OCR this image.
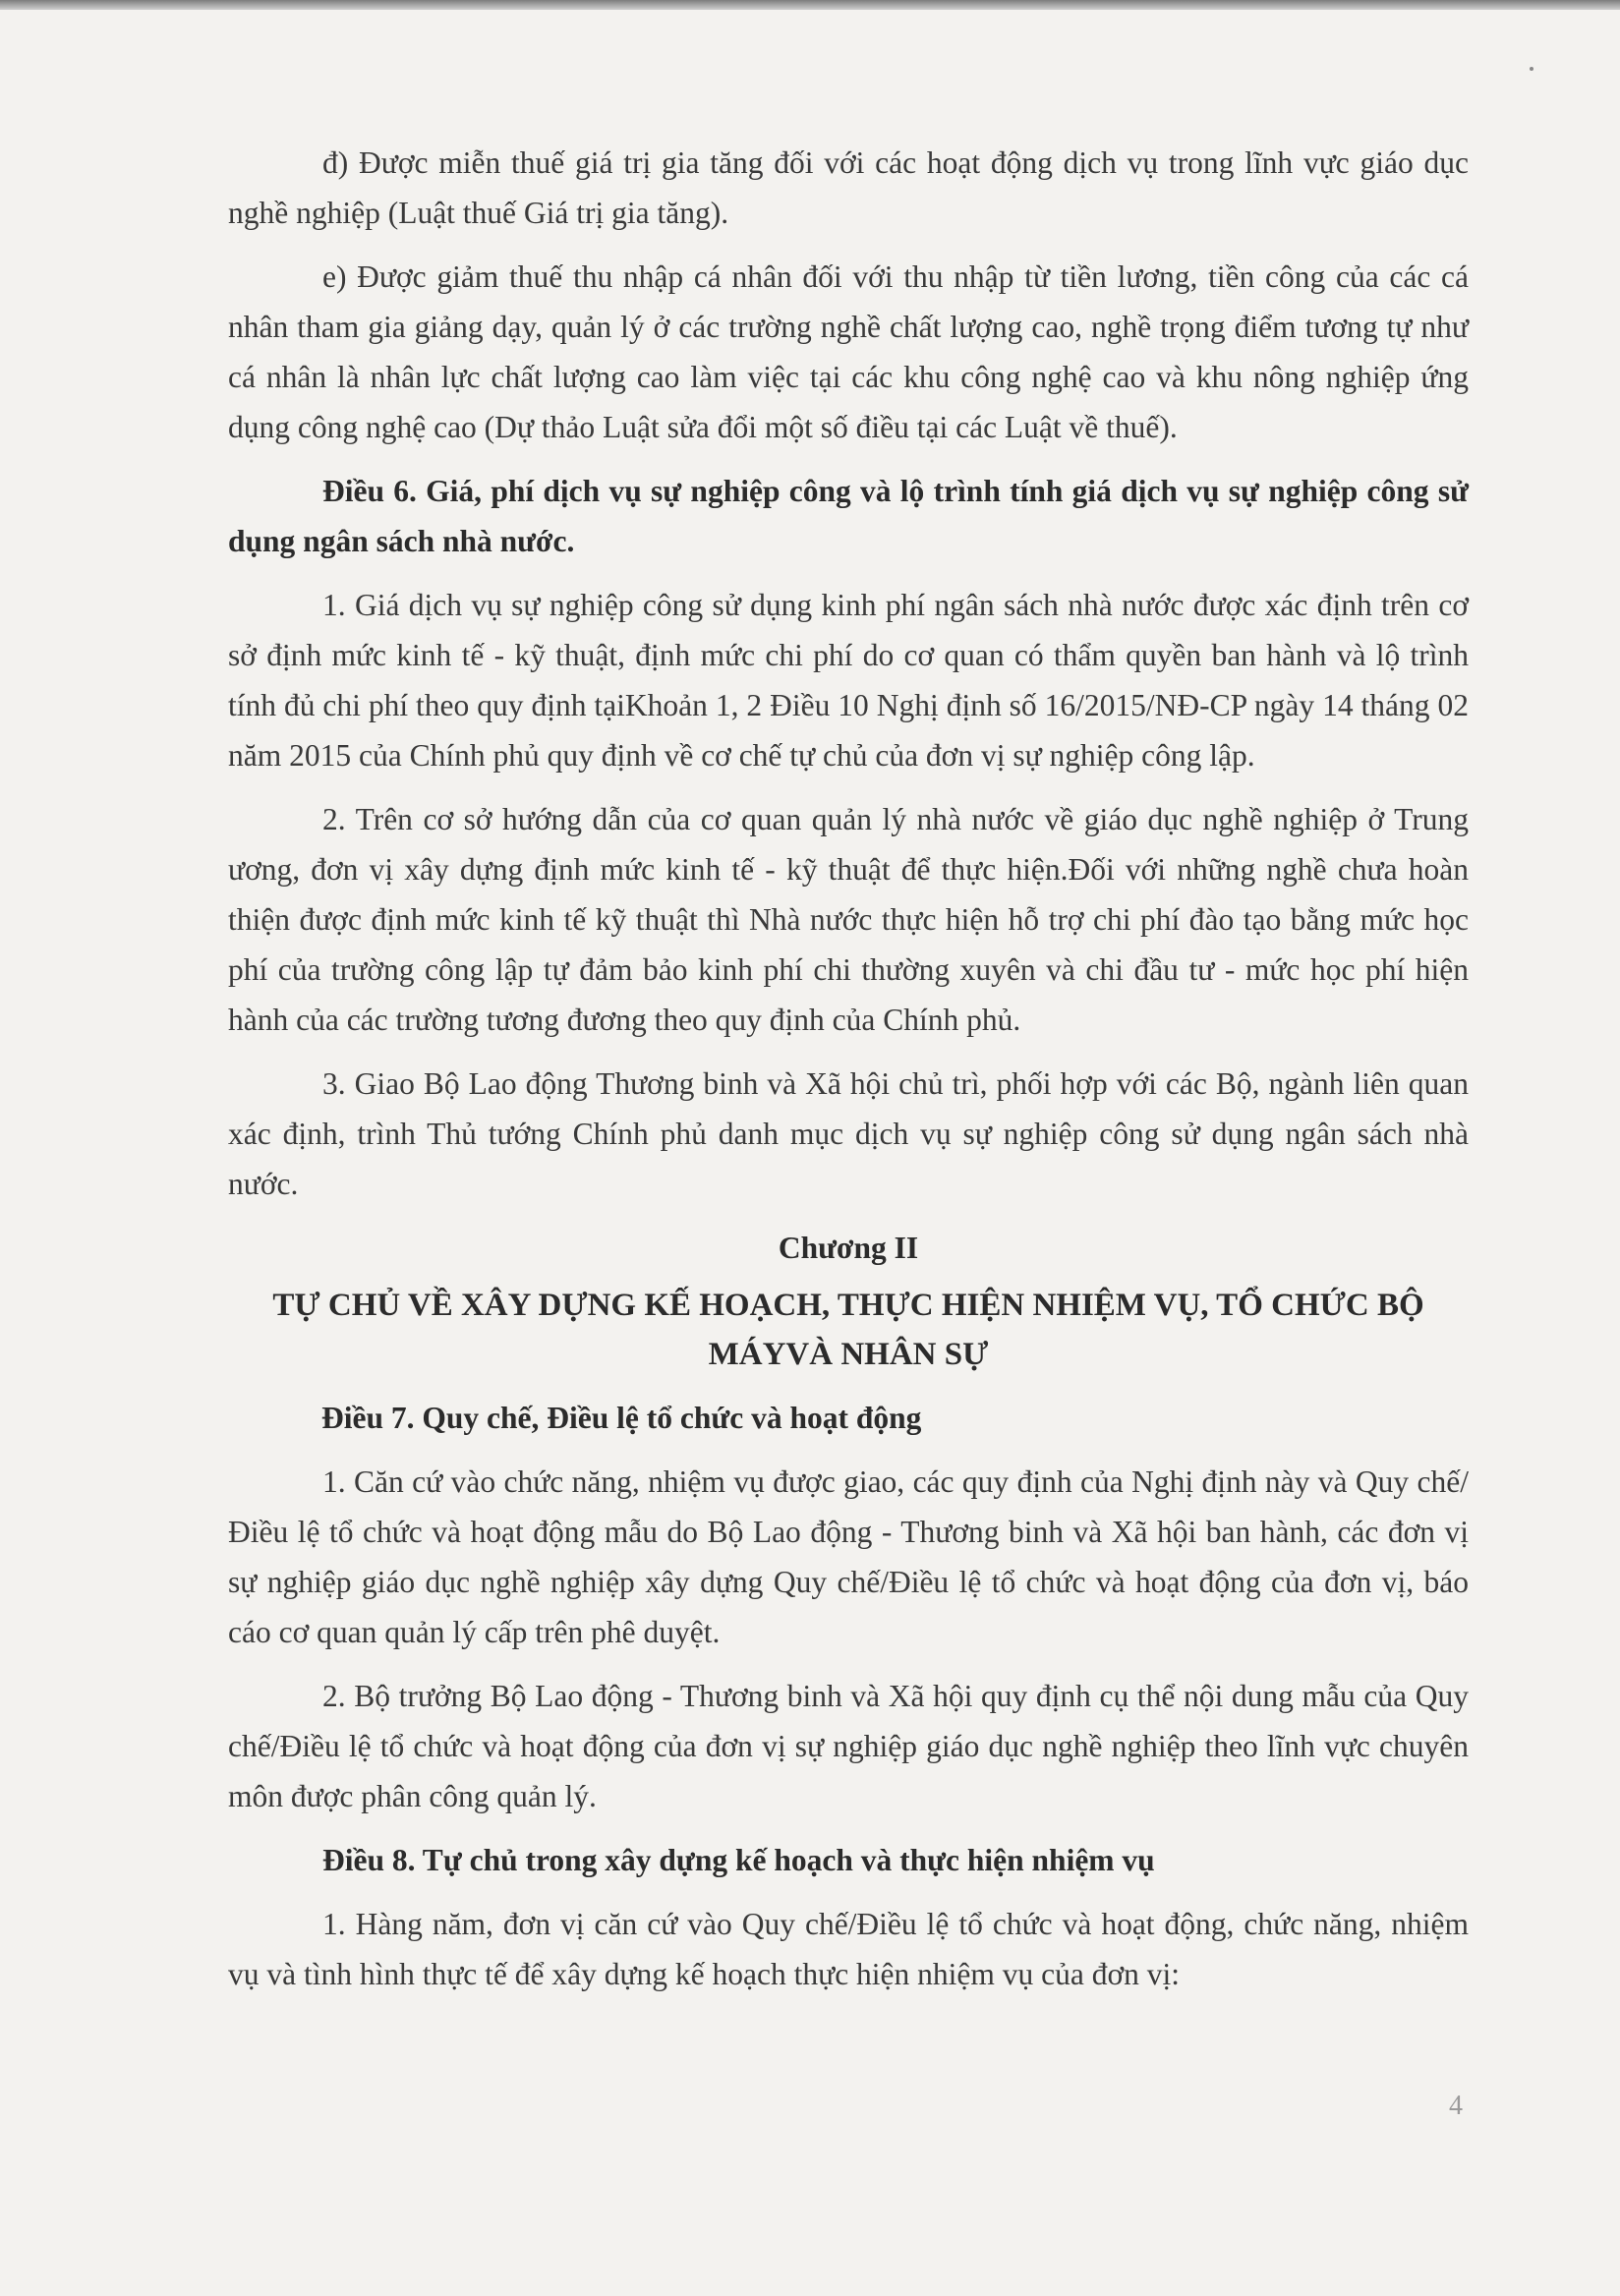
đ) Được miễn thuế giá trị gia tăng đối với các hoạt động dịch vụ trong lĩnh vực giáo dục nghề nghiệp (Luật thuế Giá trị gia tăng).

e) Được giảm thuế thu nhập cá nhân đối với thu nhập từ tiền lương, tiền công của các cá nhân tham gia giảng dạy, quản lý ở các trường nghề chất lượng cao, nghề trọng điểm tương tự như cá nhân là nhân lực chất lượng cao làm việc tại các khu công nghệ cao và khu nông nghiệp ứng dụng công nghệ cao (Dự thảo Luật sửa đổi một số điều tại các Luật về thuế).

Điều 6. Giá, phí dịch vụ sự nghiệp công và lộ trình tính giá dịch vụ sự nghiệp công sử dụng ngân sách nhà nước.

1. Giá dịch vụ sự nghiệp công sử dụng kinh phí ngân sách nhà nước được xác định trên cơ sở định mức kinh tế - kỹ thuật, định mức chi phí do cơ quan có thẩm quyền ban hành và lộ trình tính đủ chi phí theo quy định tạiKhoản 1, 2 Điều 10 Nghị định số 16/2015/NĐ-CP ngày 14 tháng 02 năm 2015 của Chính phủ quy định về cơ chế tự chủ của đơn vị sự nghiệp công lập.

2. Trên cơ sở hướng dẫn của cơ quan quản lý nhà nước về giáo dục nghề nghiệp ở Trung ương, đơn vị xây dựng định mức kinh tế - kỹ thuật để thực hiện.Đối với những nghề chưa hoàn thiện được định mức kinh tế kỹ thuật thì Nhà nước thực hiện hỗ trợ chi phí đào tạo bằng mức học phí của trường công lập tự đảm bảo kinh phí chi thường xuyên và chi đầu tư - mức học phí hiện hành của các trường tương đương theo quy định của Chính phủ.

3. Giao Bộ Lao động Thương binh và Xã hội chủ trì, phối hợp với các Bộ, ngành liên quan xác định, trình Thủ tướng Chính phủ danh mục dịch vụ sự nghiệp công sử dụng ngân sách nhà nước.

Chương II
TỰ CHỦ VỀ XÂY DỰNG KẾ HOẠCH, THỰC HIỆN NHIỆM VỤ, TỔ CHỨC BỘ MÁYVÀ NHÂN SỰ

Điều 7. Quy chế, Điều lệ tổ chức và hoạt động

1. Căn cứ vào chức năng, nhiệm vụ được giao, các quy định của Nghị định này và Quy chế/Điều lệ tổ chức và hoạt động mẫu do Bộ Lao động - Thương binh và Xã hội ban hành, các đơn vị sự nghiệp giáo dục nghề nghiệp xây dựng Quy chế/Điều lệ tổ chức và hoạt động của đơn vị, báo cáo cơ quan quản lý cấp trên phê duyệt.

2. Bộ trưởng Bộ Lao động - Thương binh và Xã hội quy định cụ thể nội dung mẫu của Quy chế/Điều lệ tổ chức và hoạt động của đơn vị sự nghiệp giáo dục nghề nghiệp theo lĩnh vực chuyên môn được phân công quản lý.

Điều 8. Tự chủ trong xây dựng kế hoạch và thực hiện nhiệm vụ

1. Hàng năm, đơn vị căn cứ vào Quy chế/Điều lệ tổ chức và hoạt động, chức năng, nhiệm vụ và tình hình thực tế để xây dựng kế hoạch thực hiện nhiệm vụ của đơn vị:

4
